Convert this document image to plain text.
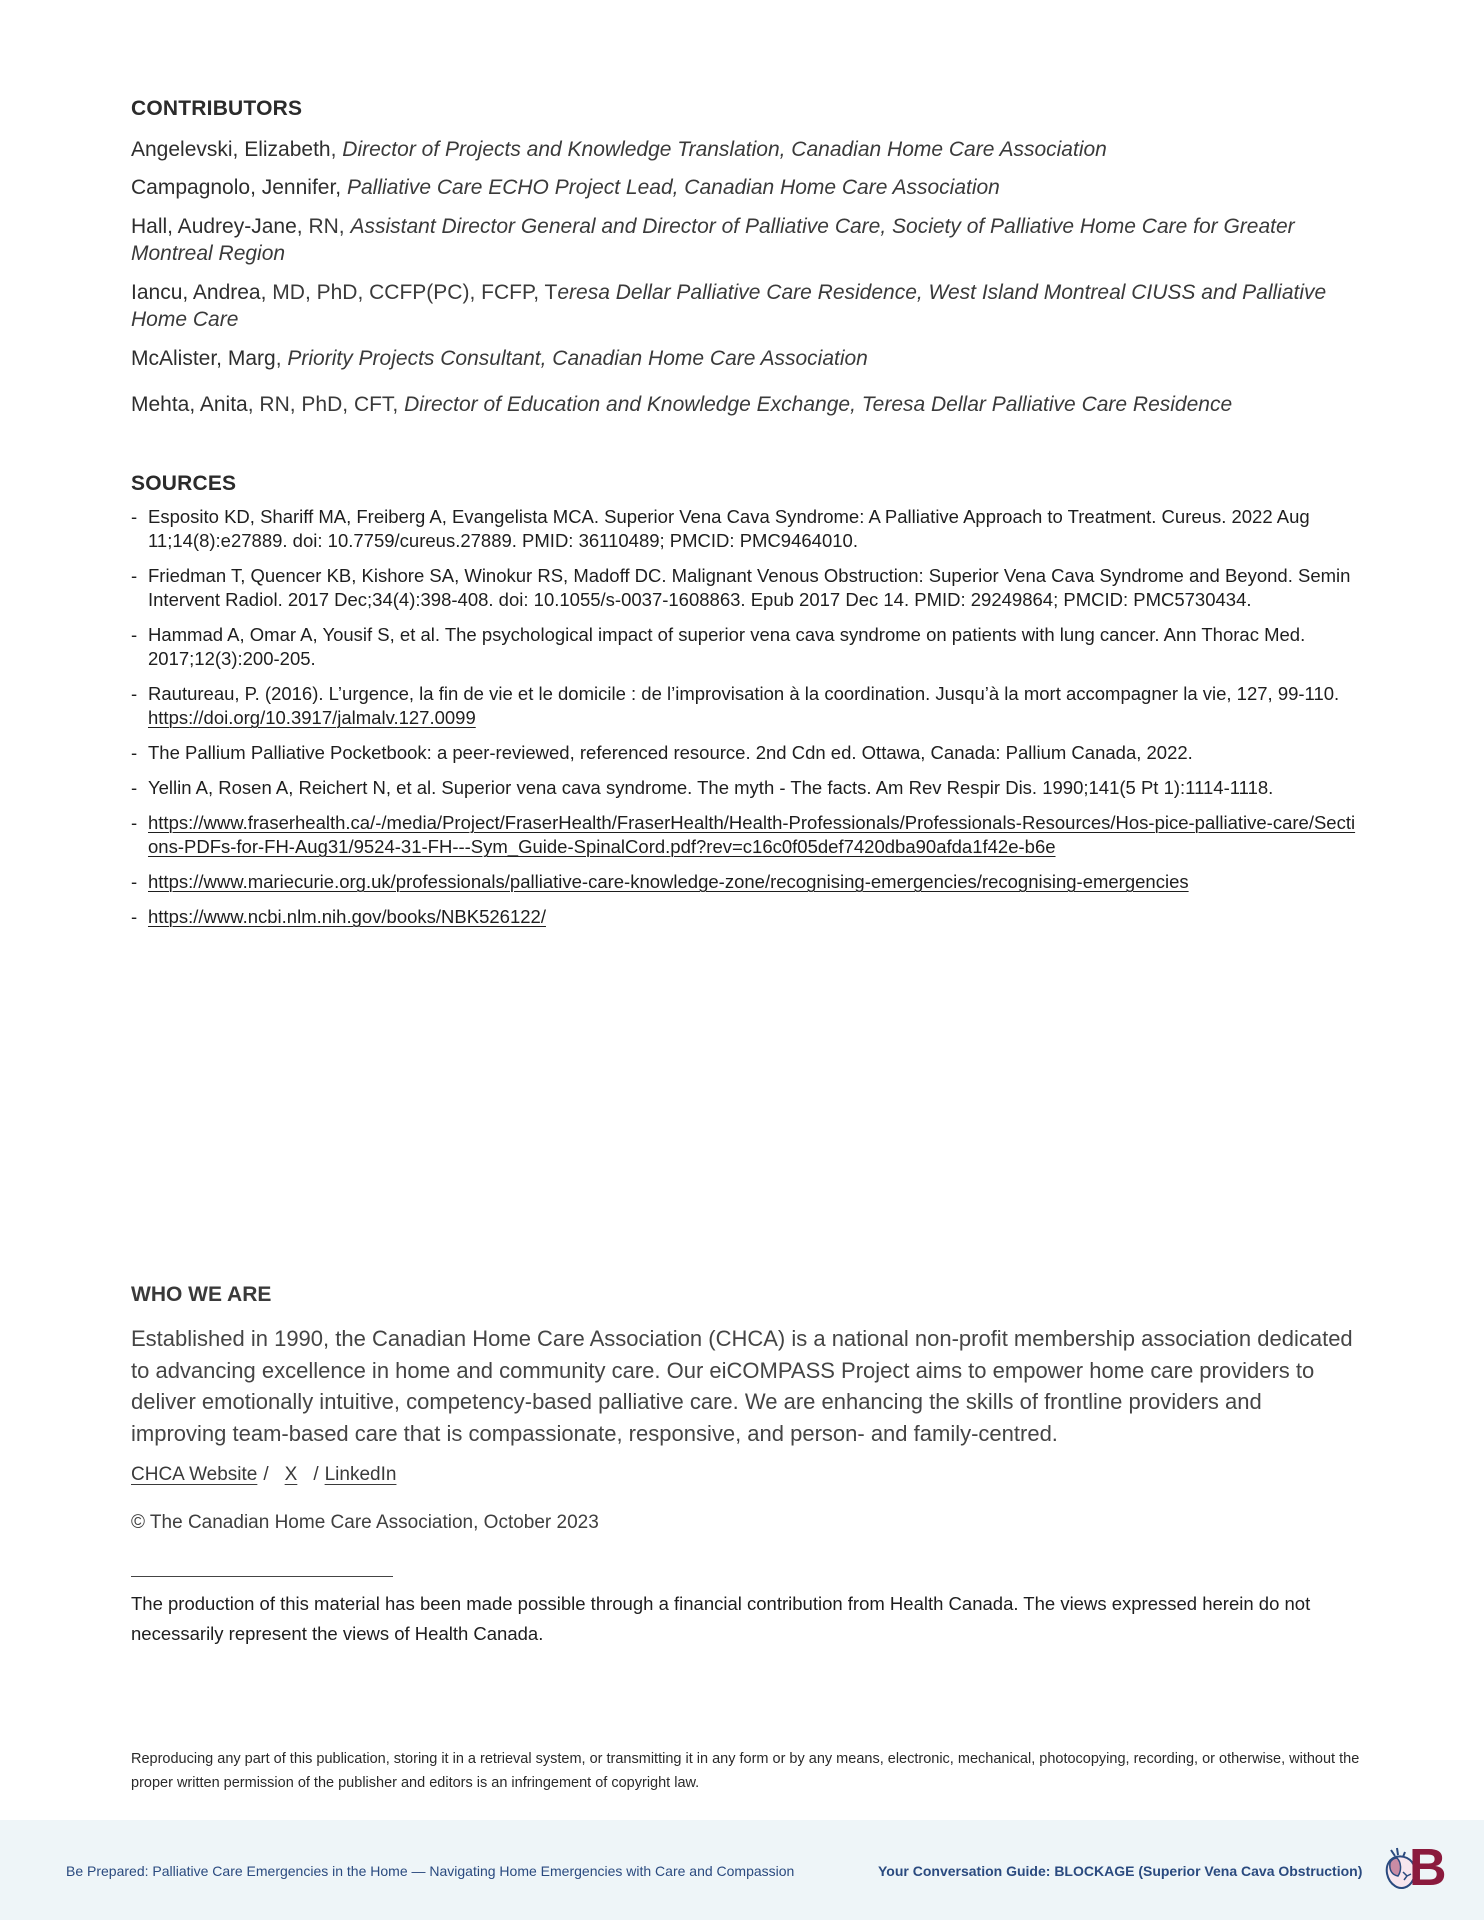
CONTRIBUTORS
Angelevski, Elizabeth, Director of Projects and Knowledge Translation, Canadian Home Care Association
Campagnolo, Jennifer, Palliative Care ECHO Project Lead, Canadian Home Care Association
Hall, Audrey-Jane, RN, Assistant Director General and Director of Palliative Care, Society of Palliative Home Care for Greater Montreal Region
Iancu, Andrea, MD, PhD, CCFP(PC), FCFP, Teresa Dellar Palliative Care Residence, West Island Montreal CIUSS and Palliative Home Care
McAlister, Marg, Priority Projects Consultant, Canadian Home Care Association
Mehta, Anita, RN, PhD, CFT, Director of Education and Knowledge Exchange, Teresa Dellar Palliative Care Residence
SOURCES
- Esposito KD, Shariff MA, Freiberg A, Evangelista MCA. Superior Vena Cava Syndrome: A Palliative Approach to Treatment. Cureus. 2022 Aug 11;14(8):e27889. doi: 10.7759/cureus.27889. PMID: 36110489; PMCID: PMC9464010.
- Friedman T, Quencer KB, Kishore SA, Winokur RS, Madoff DC. Malignant Venous Obstruction: Superior Vena Cava Syndrome and Beyond. Semin Intervent Radiol. 2017 Dec;34(4):398-408. doi: 10.1055/s-0037-1608863. Epub 2017 Dec 14. PMID: 29249864; PMCID: PMC5730434.
- Hammad A, Omar A, Yousif S, et al. The psychological impact of superior vena cava syndrome on patients with lung cancer. Ann Thorac Med. 2017;12(3):200-205.
- Rautureau, P. (2016). L’urgence, la fin de vie et le domicile : de l’improvisation à la coordination. Jusqu’à la mort accompagner la vie, 127, 99-110. https://doi.org/10.3917/jalmalv.127.0099
- The Pallium Palliative Pocketbook: a peer-reviewed, referenced resource. 2nd Cdn ed. Ottawa, Canada: Pallium Canada, 2022.
- Yellin A, Rosen A, Reichert N, et al. Superior vena cava syndrome. The myth - The facts. Am Rev Respir Dis. 1990;141(5 Pt 1):1114-1118.
- https://www.fraserhealth.ca/-/media/Project/FraserHealth/FraserHealth/Health-Professionals/Professionals-Resources/Hos-pice-palliative-care/Sections-PDFs-for-FH-Aug31/9524-31-FH---Sym_Guide-SpinalCord.pdf?rev=c16c0f05def7420dba90afda1f42e-b6e
- https://www.mariecurie.org.uk/professionals/palliative-care-knowledge-zone/recognising-emergencies/recognising-emergencies
- https://www.ncbi.nlm.nih.gov/books/NBK526122/
WHO WE ARE

Established in 1990, the Canadian Home Care Association (CHCA) is a national non-profit membership association dedicated to advancing excellence in home and community care. Our eiCOMPASS Project aims to empower home care providers to deliver emotionally intuitive, competency-based palliative care. We are enhancing the skills of frontline providers and improving team-based care that is compassionate, responsive, and person- and family-centred.

CHCA Website / X / LinkedIn
© The Canadian Home Care Association, October 2023

The production of this material has been made possible through a financial contribution from Health Canada. The views expressed herein do not necessarily represent the views of Health Canada.

Reproducing any part of this publication, storing it in a retrieval system, or transmitting it in any form or by any means, electronic, mechanical, photocopying, recording, or otherwise, without the proper written permission of the publisher and editors is an infringement of copyright law.

Be Prepared: Palliative Care Emergencies in the Home — Navigating Home Emergencies with Care and Compassion	Your Conversation Guide: BLOCKAGE (Superior Vena Cava Obstruction) B
